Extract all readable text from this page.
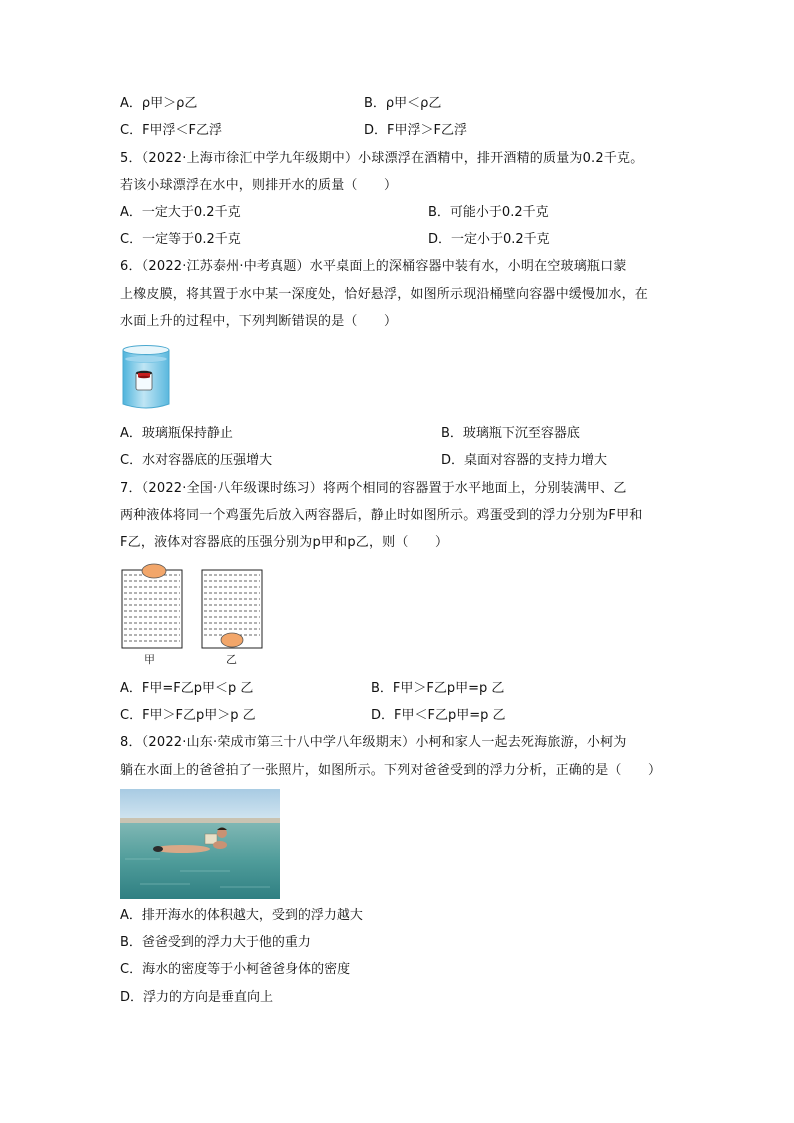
A．ρ甲＞ρ乙	B．ρ甲＜ρ乙
C．F甲浮＜F乙浮	D．F甲浮＞F乙浮
5．（2022·上海市徐汇中学九年级期中）小球漂浮在酒精中，排开酒精的质量为0.2千克。
若该小球漂浮在水中，则排开水的质量（　　）
A．一定大于0.2千克	B．可能小于0.2千克
C．一定等于0.2千克	D．一定小于0.2千克
6．（2022·江苏泰州·中考真题）水平桌面上的深桶容器中装有水，小明在空玻璃瓶口蒙
上橡皮膜，将其置于水中某一深度处，恰好悬浮，如图所示现沿桶壁向容器中缓慢加水，在
水面上升的过程中，下列判断错误的是（　　）
A．玻璃瓶保持静止	B．玻璃瓶下沉至容器底
C．水对容器底的压强增大	D．桌面对容器的支持力增大
7．（2022·全国·八年级课时练习）将两个相同的容器置于水平地面上，分别装满甲、乙
两种液体将同一个鸡蛋先后放入两容器后，静止时如图所示。鸡蛋受到的浮力分别为F甲和
F乙，液体对容器底的压强分别为p甲和p乙，则（　　）
甲	乙
A．F甲=F乙p甲＜p 乙	B．F甲＞F乙p甲=p 乙
C．F甲＞F乙p甲＞p 乙	D．F甲＜F乙p甲=p 乙
8．（2022·山东·荣成市第三十八中学八年级期末）小柯和家人一起去死海旅游，小柯为
躺在水面上的爸爸拍了一张照片，如图所示。下列对爸爸受到的浮力分析，正确的是（　　）
A．排开海水的体积越大，受到的浮力越大
B．爸爸受到的浮力大于他的重力
C．海水的密度等于小柯爸爸身体的密度
D．浮力的方向是垂直向上
